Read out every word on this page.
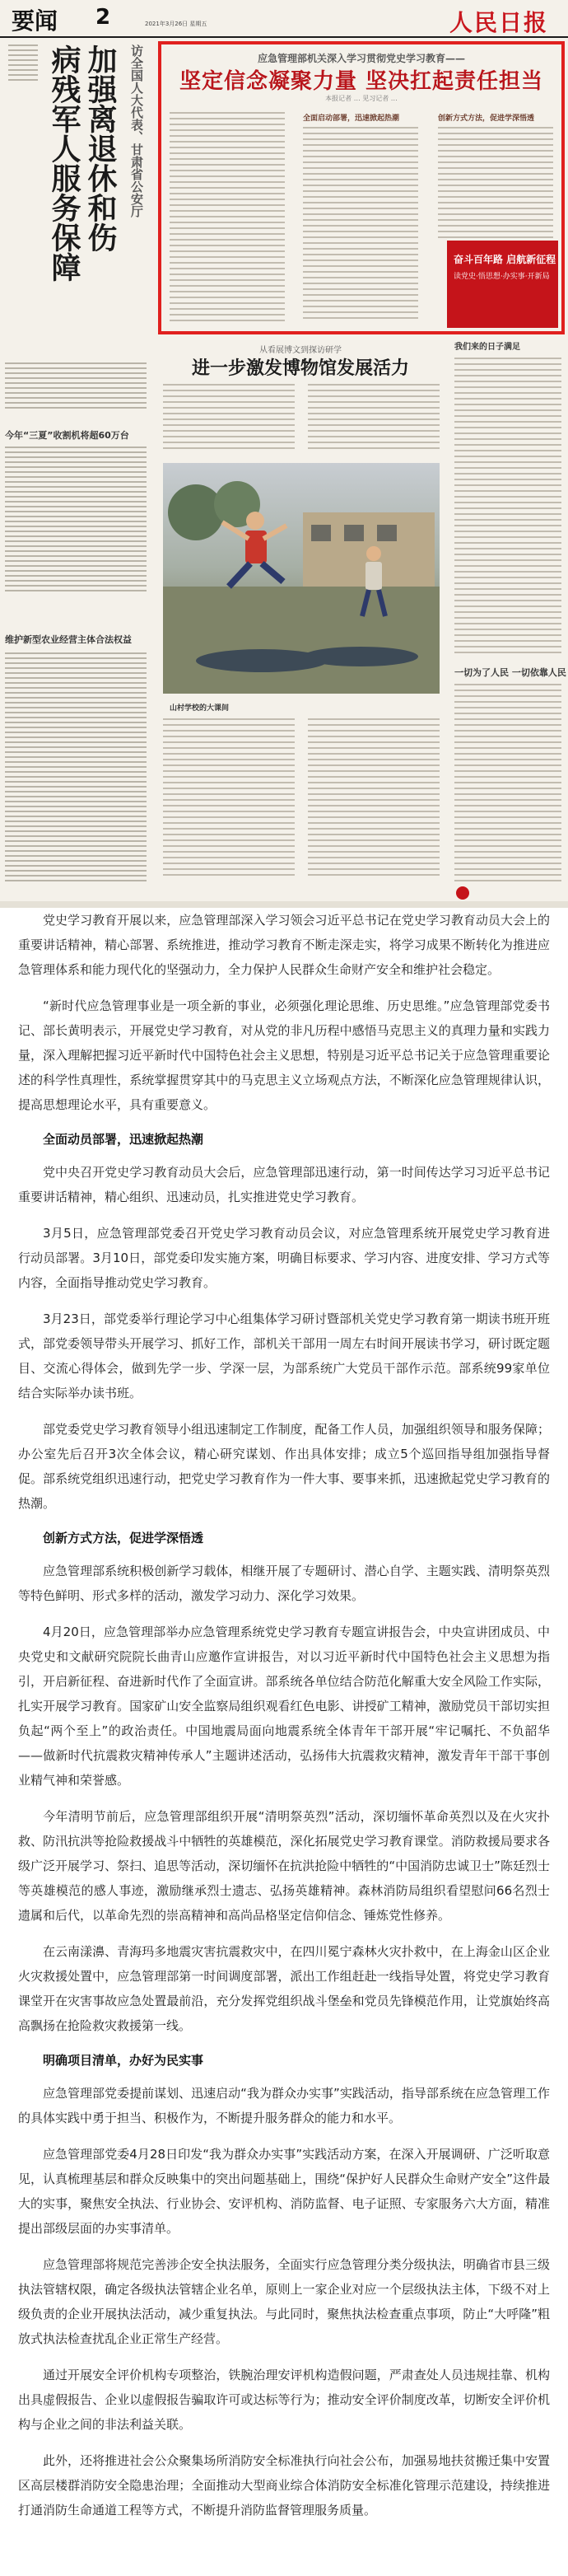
要闻 2	2021年3月26日 星期五	人民日报
访全国人大代表、甘肃省公安厅
加强离退休和伤
病残军人服务保障
今年“三夏”收割机将超60万台
维护新型农业经营主体合法权益
应急管理部机关深入学习贯彻党史学习教育——
坚定信念凝聚力量 坚决扛起责任担当
本报记者 … 见习记者 …
全面启动部署，迅速掀起热潮	创新方式方法，促进学深悟透
奋斗百年路 启航新征程
读党史·悟思想·办实事·开新局
从看展博文到探访研学
进一步激发博物馆发展活力
山村学校的大课间
我们来的日子满足
一切为了人民 一切依靠人民

党史学习教育开展以来，应急管理部深入学习领会习近平总书记在党史学习教育动员大会上的重要讲话精神，精心部署、系统推进，推动学习教育不断走深走实，将学习成果不断转化为推进应急管理体系和能力现代化的坚强动力，全力保护人民群众生命财产安全和维护社会稳定。

“新时代应急管理事业是一项全新的事业，必须强化理论思维、历史思维。”应急管理部党委书记、部长黄明表示，开展党史学习教育，对从党的非凡历程中感悟马克思主义的真理力量和实践力量，深入理解把握习近平新时代中国特色社会主义思想，特别是习近平总书记关于应急管理重要论述的科学性真理性，系统掌握贯穿其中的马克思主义立场观点方法，不断深化应急管理规律认识，提高思想理论水平，具有重要意义。

全面动员部署，迅速掀起热潮

党中央召开党史学习教育动员大会后，应急管理部迅速行动，第一时间传达学习习近平总书记重要讲话精神，精心组织、迅速动员，扎实推进党史学习教育。

3月5日，应急管理部党委召开党史学习教育动员会议，对应急管理系统开展党史学习教育进行动员部署。3月10日，部党委印发实施方案，明确目标要求、学习内容、进度安排、学习方式等内容，全面指导推动党史学习教育。

3月23日，部党委举行理论学习中心组集体学习研讨暨部机关党史学习教育第一期读书班开班式，部党委领导带头开展学习、抓好工作，部机关干部用一周左右时间开展读书学习，研讨既定题目、交流心得体会，做到先学一步、学深一层，为部系统广大党员干部作示范。部系统99家单位结合实际举办读书班。

部党委党史学习教育领导小组迅速制定工作制度，配备工作人员，加强组织领导和服务保障；办公室先后召开3次全体会议，精心研究谋划、作出具体安排；成立5个巡回指导组加强指导督促。部系统党组织迅速行动，把党史学习教育作为一件大事、要事来抓，迅速掀起党史学习教育的热潮。

创新方式方法，促进学深悟透

应急管理部系统积极创新学习载体，相继开展了专题研讨、潜心自学、主题实践、清明祭英烈等特色鲜明、形式多样的活动，激发学习动力、深化学习效果。

4月20日，应急管理部举办应急管理系统党史学习教育专题宣讲报告会，中央宣讲团成员、中央党史和文献研究院院长曲青山应邀作宣讲报告，对以习近平新时代中国特色社会主义思想为指引，开启新征程、奋进新时代作了全面宣讲。部系统各单位结合防范化解重大安全风险工作实际，扎实开展学习教育。国家矿山安全监察局组织观看红色电影、讲授矿工精神，激励党员干部切实担负起“两个至上”的政治责任。中国地震局面向地震系统全体青年干部开展“牢记嘱托、不负韶华——做新时代抗震救灾精神传承人”主题讲述活动，弘扬伟大抗震救灾精神，激发青年干部干事创业精气神和荣誉感。

今年清明节前后，应急管理部组织开展“清明祭英烈”活动，深切缅怀革命英烈以及在火灾扑救、防汛抗洪等抢险救援战斗中牺牲的英雄模范，深化拓展党史学习教育课堂。消防救援局要求各级广泛开展学习、祭扫、追思等活动，深切缅怀在抗洪抢险中牺牲的“中国消防忠诚卫士”陈廷烈士等英雄模范的感人事迹，激励继承烈士遗志、弘扬英雄精神。森林消防局组织看望慰问66名烈士遗属和后代，以革命先烈的崇高精神和高尚品格坚定信仰信念、锤炼党性修养。

在云南漾濞、青海玛多地震灾害抗震救灾中，在四川冕宁森林火灾扑救中，在上海金山区企业火灾救援处置中，应急管理部第一时间调度部署，派出工作组赶赴一线指导处置，将党史学习教育课堂开在灾害事故应急处置最前沿，充分发挥党组织战斗堡垒和党员先锋模范作用，让党旗始终高高飘扬在抢险救灾救援第一线。

明确项目清单，办好为民实事

应急管理部党委提前谋划、迅速启动“我为群众办实事”实践活动，指导部系统在应急管理工作的具体实践中勇于担当、积极作为，不断提升服务群众的能力和水平。

应急管理部党委4月28日印发“我为群众办实事”实践活动方案，在深入开展调研、广泛听取意见，认真梳理基层和群众反映集中的突出问题基础上，围绕“保护好人民群众生命财产安全”这件最大的实事，聚焦安全执法、行业协会、安评机构、消防监督、电子证照、专家服务六大方面，精准提出部级层面的办实事清单。

应急管理部将规范完善涉企安全执法服务，全面实行应急管理分类分级执法，明确省市县三级执法管辖权限，确定各级执法管辖企业名单，原则上一家企业对应一个层级执法主体，下级不对上级负责的企业开展执法活动，减少重复执法。与此同时，聚焦执法检查重点事项，防止“大呼隆”粗放式执法检查扰乱企业正常生产经营。

通过开展安全评价机构专项整治，铁腕治理安评机构造假问题，严肃查处人员违规挂靠、机构出具虚假报告、企业以虚假报告骗取许可或达标等行为；推动安全评价制度改革，切断安全评价机构与企业之间的非法利益关联。

此外，还将推进社会公众聚集场所消防安全标准执行向社会公布，加强易地扶贫搬迁集中安置区高层楼群消防安全隐患治理；全面推动大型商业综合体消防安全标准化管理示范建设，持续推进打通消防生命通道工程等方式，不断提升消防监督管理服务质量。
